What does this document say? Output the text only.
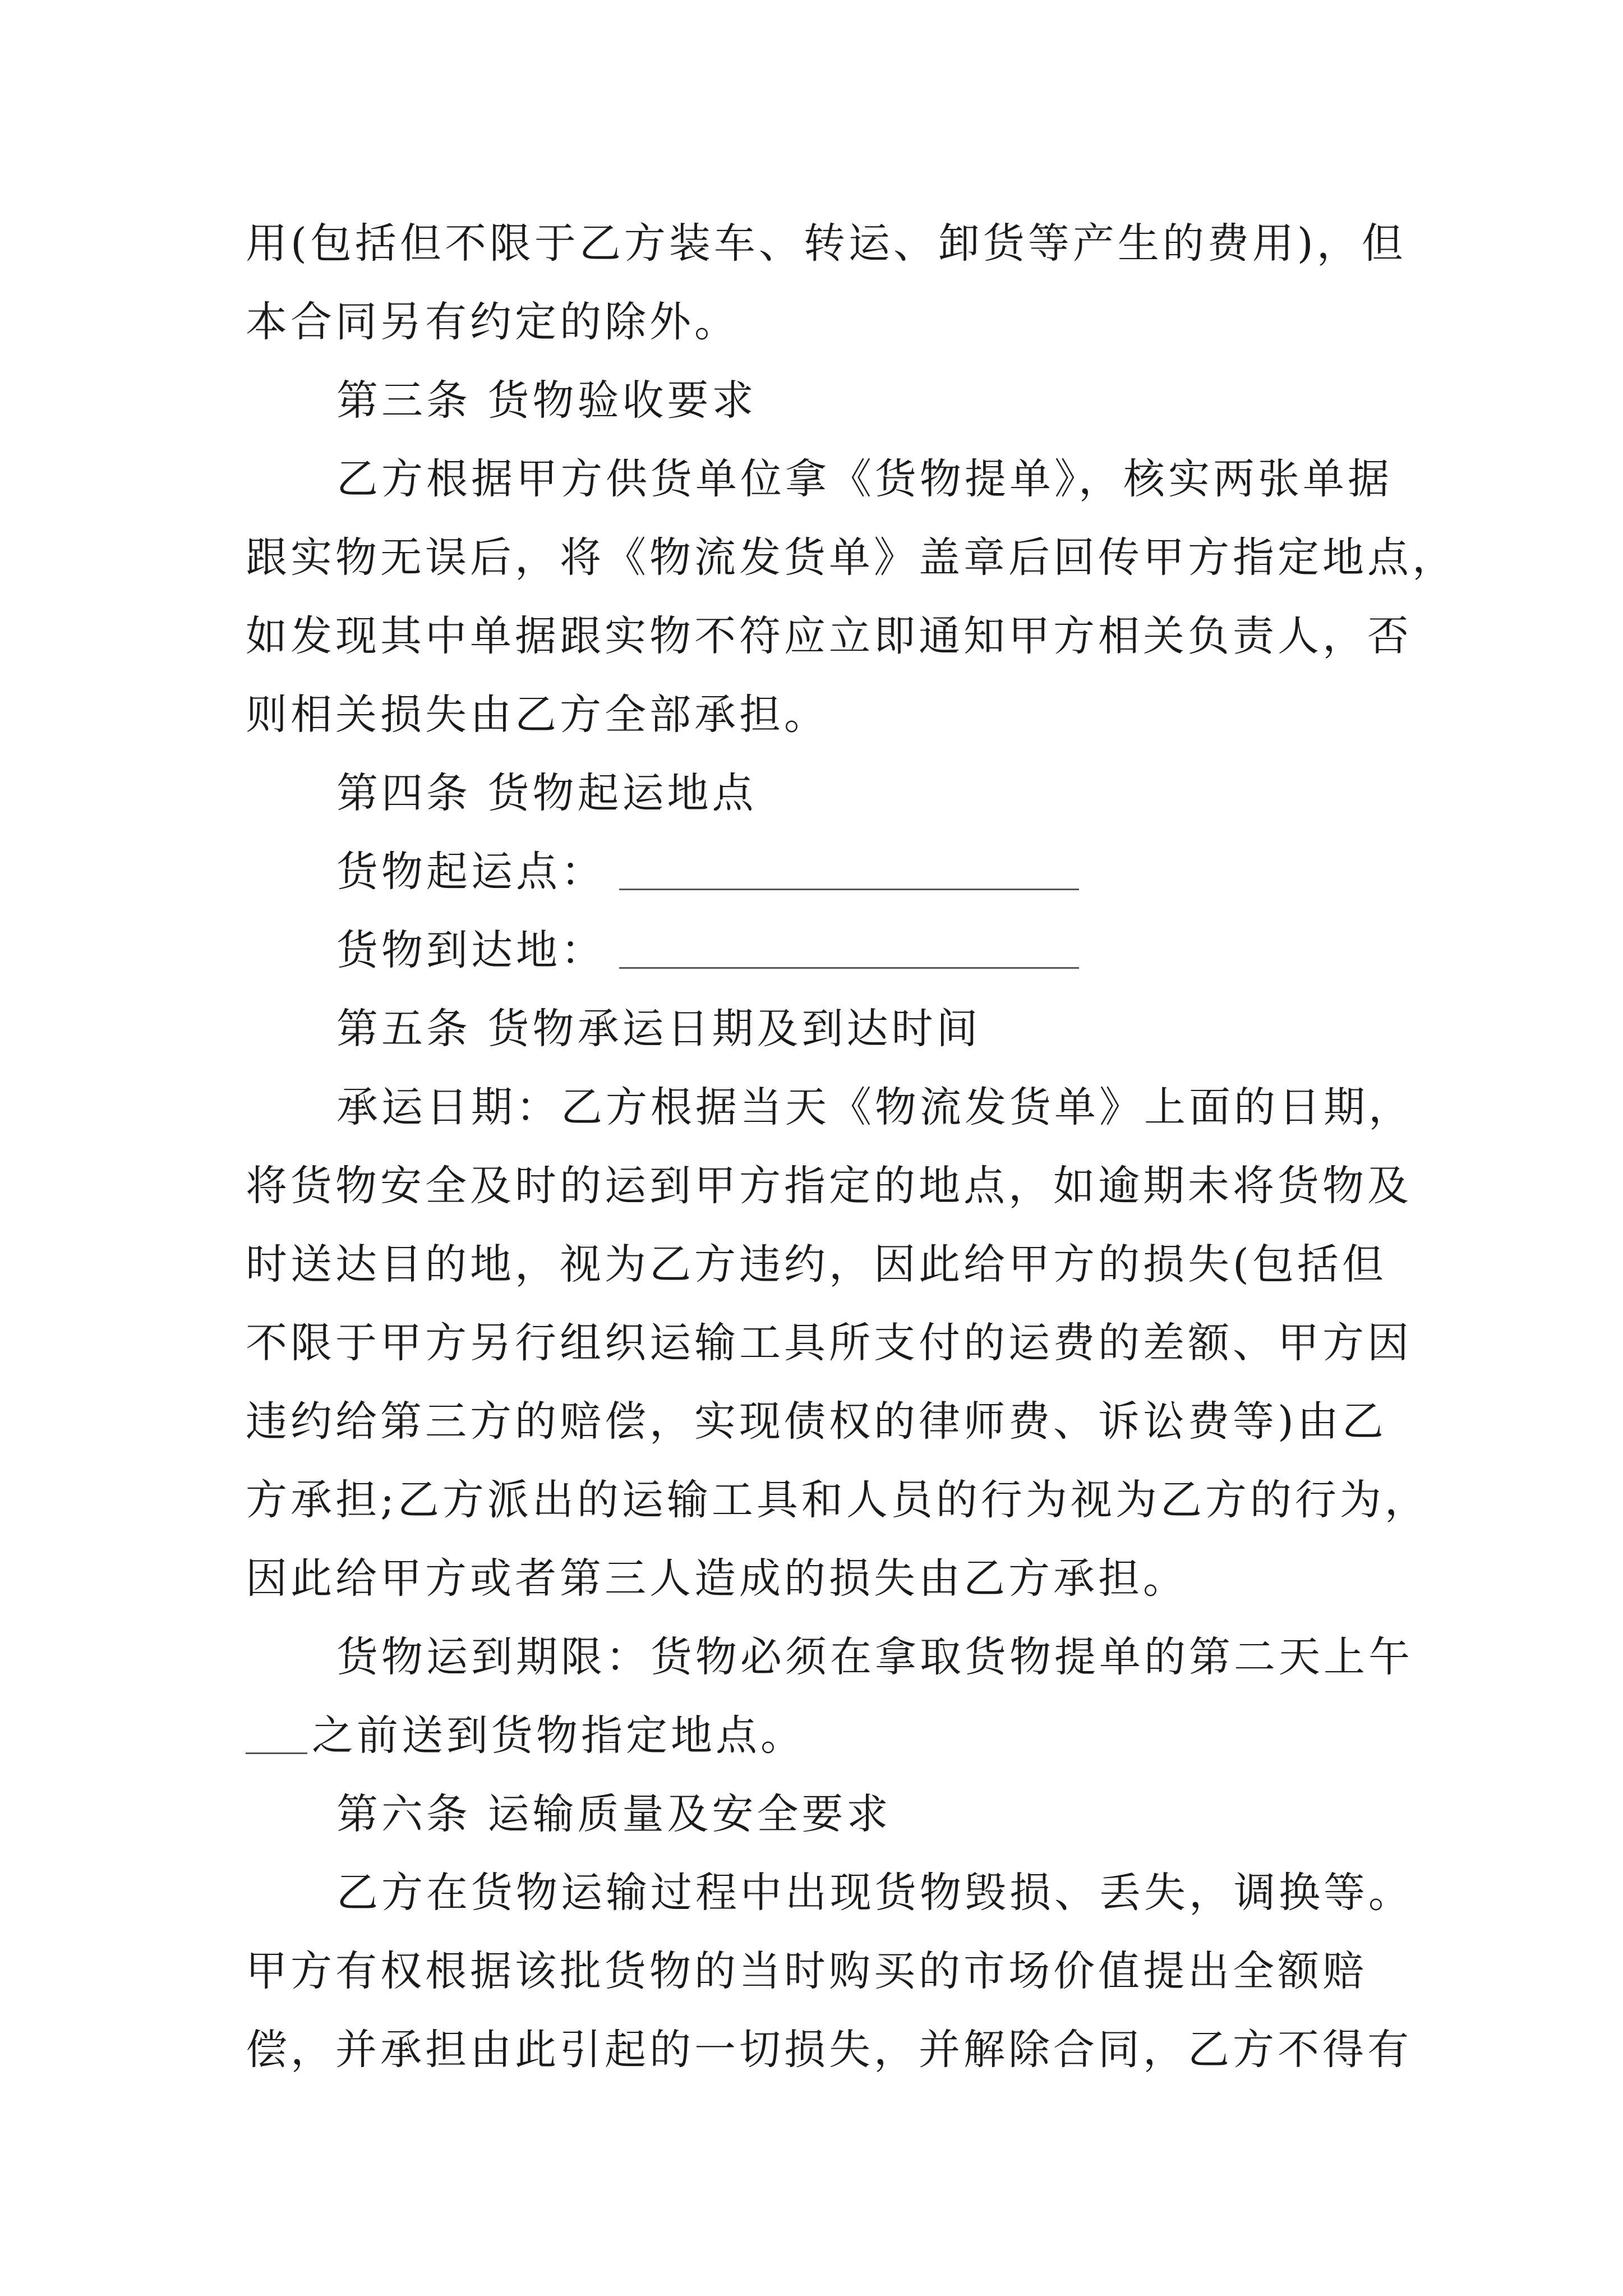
用(包括但不限于乙方装车、转运、卸货等产生的费用)，但
本合同另有约定的除外。
第三条 货物验收要求
乙方根据甲方供货单位拿《货物提单》，核实两张单据
跟实物无误后，将《物流发货单》盖章后回传甲方指定地点，
如发现其中单据跟实物不符应立即通知甲方相关负责人，否
则相关损失由乙方全部承担。
第四条 货物起运地点
货物起运点：
货物到达地：
第五条 货物承运日期及到达时间
承运日期：乙方根据当天《物流发货单》上面的日期，
将货物安全及时的运到甲方指定的地点，如逾期未将货物及
时送达目的地，视为乙方违约，因此给甲方的损失(包括但
不限于甲方另行组织运输工具所支付的运费的差额、甲方因
违约给第三方的赔偿，实现债权的律师费、诉讼费等)由乙
方承担;乙方派出的运输工具和人员的行为视为乙方的行为，
因此给甲方或者第三人造成的损失由乙方承担。
货物运到期限：货物必须在拿取货物提单的第二天上午
之前送到货物指定地点。
第六条 运输质量及安全要求
乙方在货物运输过程中出现货物毁损、丢失，调换等。
甲方有权根据该批货物的当时购买的市场价值提出全额赔
偿，并承担由此引起的一切损失，并解除合同，乙方不得有
